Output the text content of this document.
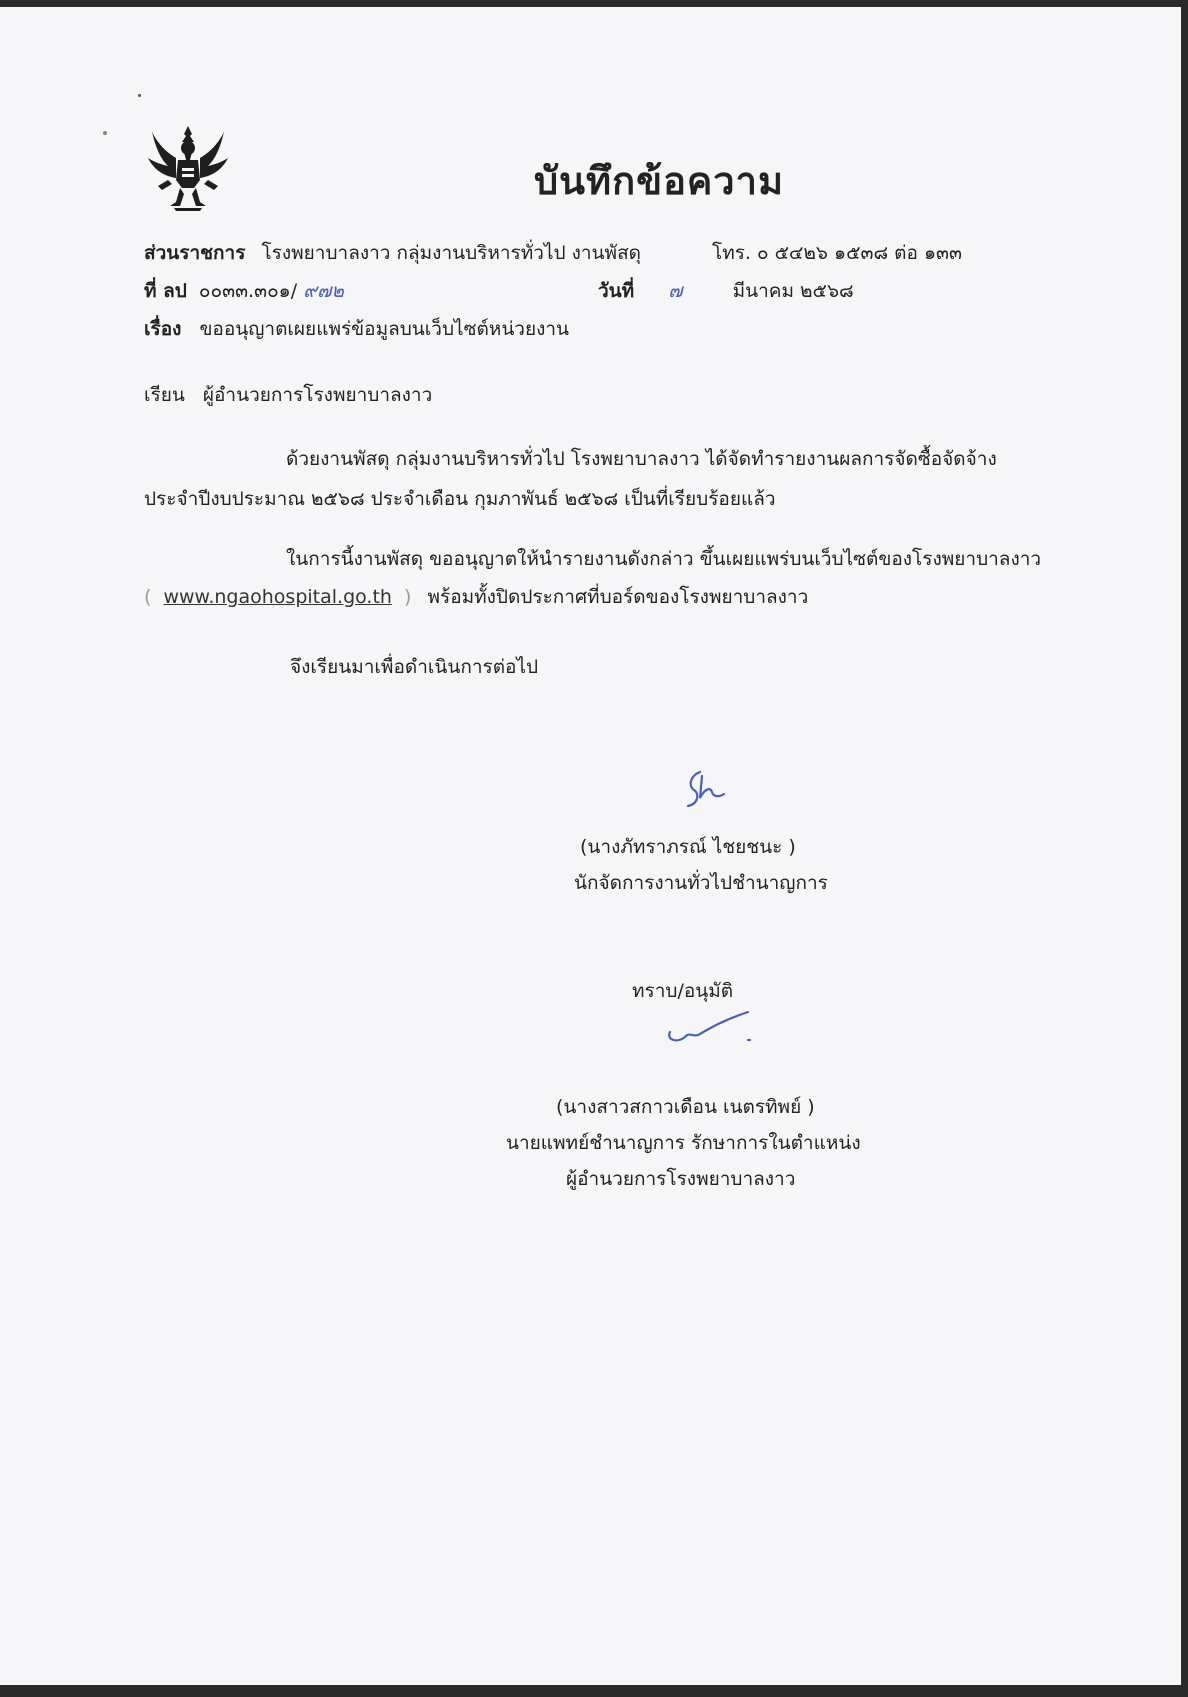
บันทึกข้อความ
ส่วนราชการ โรงพยาบาลงาว กลุ่มงานบริหารทั่วไป งานพัสดุ	โทร. ๐ ๕๔๒๖ ๑๕๓๘ ต่อ ๑๓๓
ที่ ลป ๐๐๓๓.๓๐๑/ ๙๗๒	วันที่ ๗	มีนาคม ๒๕๖๘
เรื่อง ขออนุญาตเผยแพร่ข้อมูลบนเว็บไซต์หน่วยงาน
เรียน ผู้อำนวยการโรงพยาบาลงาว
ด้วยงานพัสดุ กลุ่มงานบริหารทั่วไป โรงพยาบาลงาว ได้จัดทำรายงานผลการจัดซื้อจัดจ้าง
ประจำปีงบประมาณ ๒๕๖๘ ประจำเดือน กุมภาพันธ์ ๒๕๖๘ เป็นที่เรียบร้อยแล้ว
ในการนี้งานพัสดุ ขออนุญาตให้นำรายงานดังกล่าว ขึ้นเผยแพร่บนเว็บไซต์ของโรงพยาบาลงาว
( www.ngaohospital.go.th ) พร้อมทั้งปิดประกาศที่บอร์ดของโรงพยาบาลงาว
จึงเรียนมาเพื่อดำเนินการต่อไป
(นางภัทราภรณ์ ไชยชนะ )
นักจัดการงานทั่วไปชำนาญการ
ทราบ/อนุมัติ
(นางสาวสกาวเดือน เนตรทิพย์ )
นายแพทย์ชำนาญการ รักษาการในตำแหน่ง
ผู้อำนวยการโรงพยาบาลงาว
